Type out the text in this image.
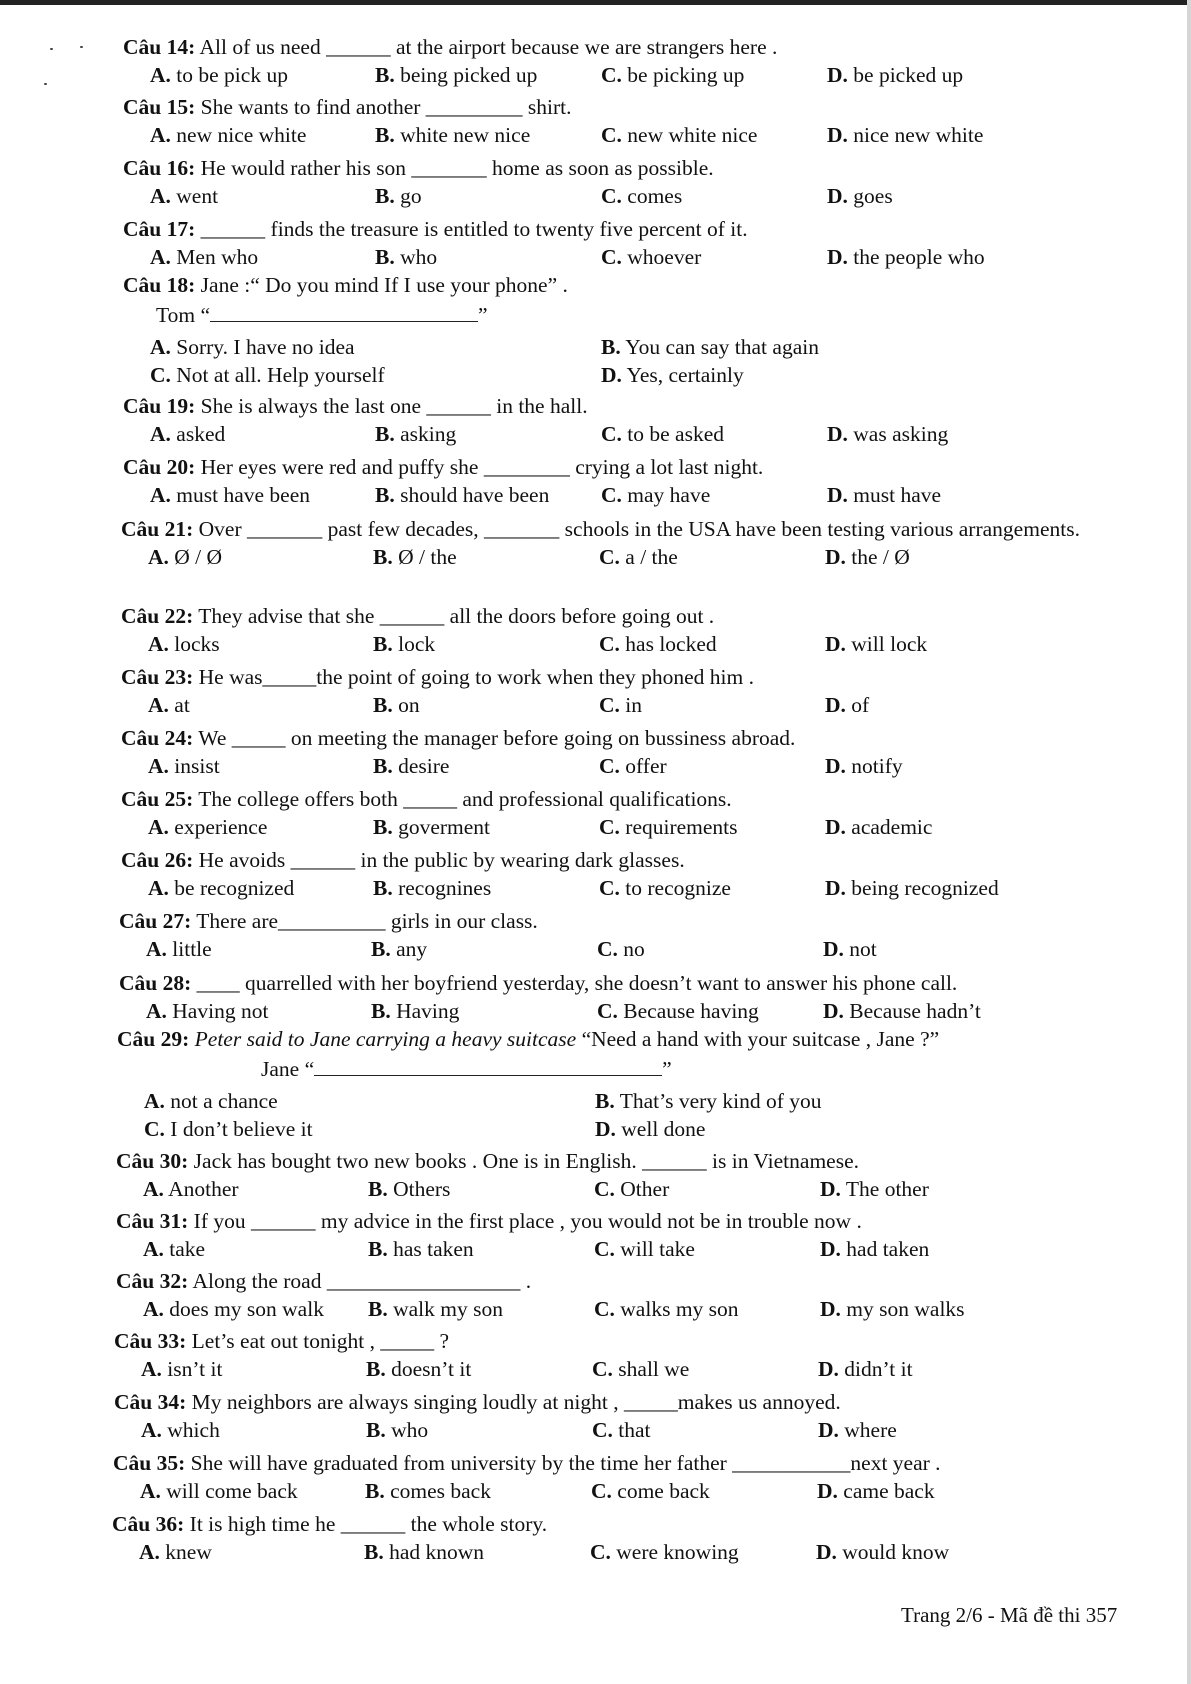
Câu 14: All of us need ______ at the airport because we are strangers here .
A. to be pick up	B. being picked up	C. be picking up	D. be picked up
Câu 15: She wants to find another _________ shirt.
A. new nice white	B. white new nice	C. new white nice	D. nice new white
Câu 16: He would rather his son _______ home as soon as possible.
A. went	B. go	C. comes	D. goes
Câu 17: ______ finds the treasure is entitled to twenty five percent of it.
A. Men who	B. who	C. whoever	D. the people who
Câu 18: Jane :“ Do you mind If I use your phone” .
Tom “	”
A. Sorry. I have no idea	B. You can say that again
C. Not at all. Help yourself	D. Yes, certainly
Câu 19: She is always the last one ______ in the hall.
A. asked	B. asking	C. to be asked	D. was asking
Câu 20: Her eyes were red and puffy she ________ crying a lot last night.
A. must have been	B. should have been C. may have	D. must have
Câu 21: Over _______ past few decades, _______ schools in the USA have been testing various arrangements.
A. Ø / Ø	B. Ø / the	C. a / the	D. the / Ø
Câu 22: They advise that she ______ all the doors before going out .
A. locks	B. lock	C. has locked	D. will lock
Câu 23: He was_____the point of going to work when they phoned him .
A. at	B. on	C. in	D. of
Câu 24: We _____ on meeting the manager before going on bussiness abroad.
A. insist	B. desire	C. offer	D. notify
Câu 25: The college offers both _____ and professional qualifications.
A. experience	B. goverment	C. requirements	D. academic
Câu 26: He avoids ______ in the public by wearing dark glasses.
A. be recognized	B. recognines	C. to recognize	D. being recognized
Câu 27: There are__________ girls in our class.
A. little	B. any	C. no	D. not
Câu 28: ____ quarrelled with her boyfriend yesterday, she doesn’t want to answer his phone call.
A. Having not	B. Having	C. Because having	D. Because hadn’t
Câu 29: Peter said to Jane carrying a heavy suitcase “Need a hand with your suitcase , Jane ?”
Jane “	”
A. not a chance	B. That’s very kind of you
C. I don’t believe it	D. well done
Câu 30: Jack has bought two new books . One is in English. ______ is in Vietnamese.
A. Another	B. Others	C. Other	D. The other
Câu 31: If you ______ my advice in the first place , you would not be in trouble now .
A. take	B. has taken	C. will take	D. had taken
Câu 32: Along the road __________________ .
A. does my son walk B. walk my son	C. walks my son	D. my son walks
Câu 33: Let’s eat out tonight , _____ ?
A. isn’t it	B. doesn’t it	C. shall we	D. didn’t it
Câu 34: My neighbors are always singing loudly at night , _____makes us annoyed.
A. which	B. who	C. that	D. where
Câu 35: She will have graduated from university by the time her father ___________next year .
A. will come back	B. comes back	C. come back	D. came back
Câu 36: It is high time he ______ the whole story.
A. knew	B. had known	C. were knowing	D. would know
Trang 2/6 - Mã đề thi 357
